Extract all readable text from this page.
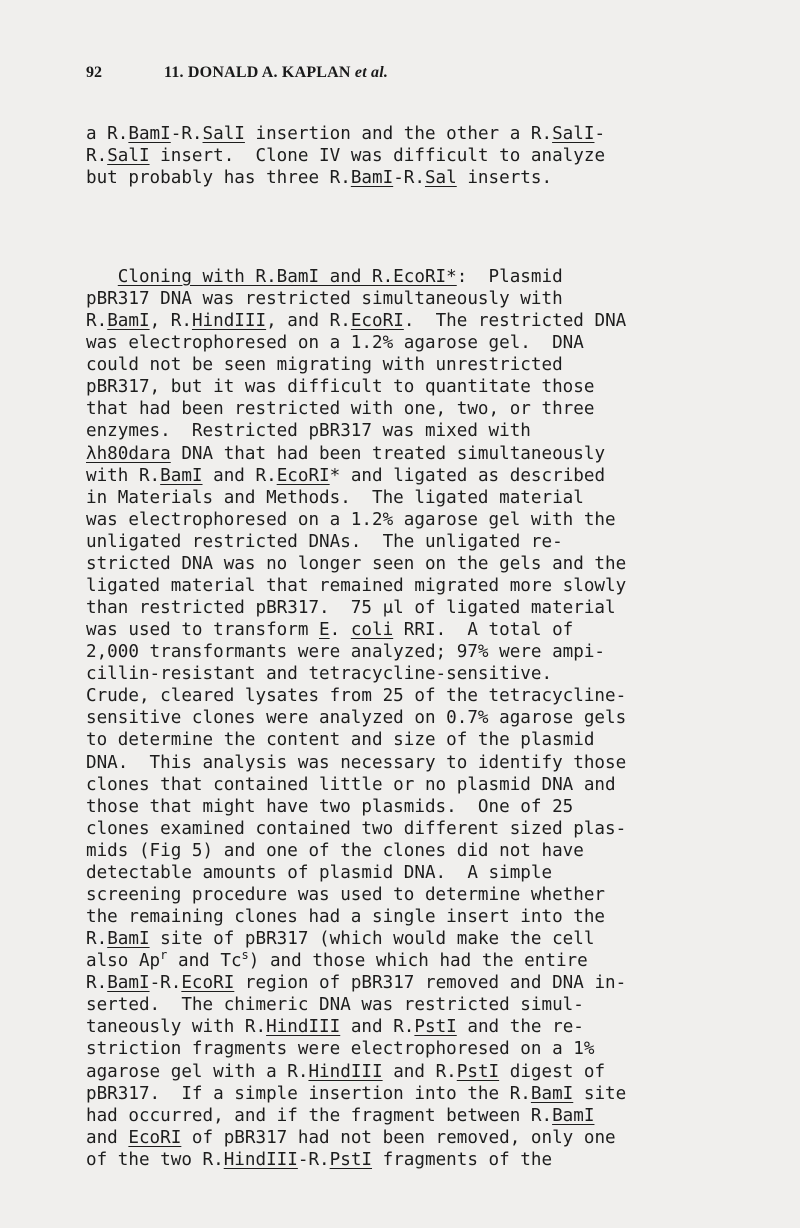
92	11. DONALD A. KAPLAN et al.
a R.BamI-R.SalI insertion and the other a R.SalI-
R.SalI insert.  Clone IV was difficult to analyze
but probably has three R.BamI-R.Sal inserts.
Cloning with R.BamI and R.EcoRI*:  Plasmid
pBR317 DNA was restricted simultaneously with
R.BamI, R.HindIII, and R.EcoRI.  The restricted DNA
was electrophoresed on a 1.2% agarose gel.  DNA
could not be seen migrating with unrestricted
pBR317, but it was difficult to quantitate those
that had been restricted with one, two, or three
enzymes.  Restricted pBR317 was mixed with
λh80dara DNA that had been treated simultaneously
with R.BamI and R.EcoRI* and ligated as described
in Materials and Methods.  The ligated material
was electrophoresed on a 1.2% agarose gel with the
unligated restricted DNAs.  The unligated re-
stricted DNA was no longer seen on the gels and the
ligated material that remained migrated more slowly
than restricted pBR317.  75 μl of ligated material
was used to transform E. coli RRI.  A total of
2,000 transformants were analyzed; 97% were ampi-
cillin-resistant and tetracycline-sensitive.
Crude, cleared lysates from 25 of the tetracycline-
sensitive clones were analyzed on 0.7% agarose gels
to determine the content and size of the plasmid
DNA.  This analysis was necessary to identify those
clones that contained little or no plasmid DNA and
those that might have two plasmids.  One of 25
clones examined contained two different sized plas-
mids (Fig 5) and one of the clones did not have
detectable amounts of plasmid DNA.  A simple
screening procedure was used to determine whether
the remaining clones had a single insert into the
R.BamI site of pBR317 (which would make the cell
also Ap$^r$ and Tc$^s$) and those which had the entire
R.BamI-R.EcoRI region of pBR317 removed and DNA in-
serted.  The chimeric DNA was restricted simul-
taneously with R.HindIII and R.PstI and the re-
striction fragments were electrophoresed on a 1%
agarose gel with a R.HindIII and R.PstI digest of
pBR317.  If a simple insertion into the R.BamI site
had occurred, and if the fragment between R.BamI
and EcoRI of pBR317 had not been removed, only one
of the two R.HindIII-R.PstI fragments of the
